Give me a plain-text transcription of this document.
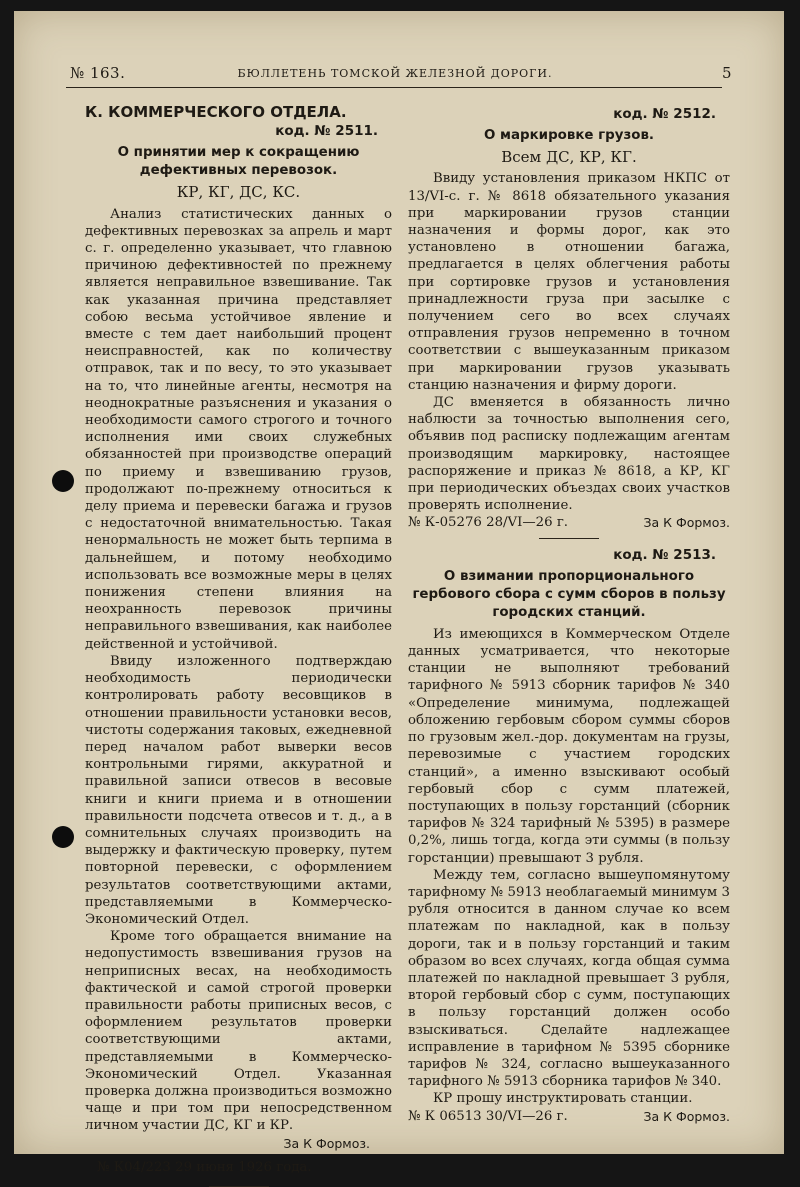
№ 163.	БЮЛЛЕТЕНЬ ТОМСКОЙ ЖЕЛЕЗНОЙ ДОРОГИ.	5

К. КОММЕРЧЕСКОГО ОТДЕЛА.

код. № 2511.
О принятии мер к сокращению дефективных перевозок.
КР, КГ, ДС, КС.

Анализ статистических данных о дефективных перевозках за апрель и март с. г. определенно указывает, что главною причиною дефективностей по прежнему является неправильное взвешивание. Так как указанная причина представляет собою весьма устойчивое явление и вместе с тем дает наибольший процент неисправностей, как по количеству отправок, так и по весу, то это указывает на то, что линейные агенты, несмотря на неоднократные разъяснения и указания о необходимости самого строгого и точного исполнения ими своих служебных обязанностей при производстве операций по приему и взвешиванию грузов, продолжают по-прежнему относиться к делу приема и перевески багажа и грузов с недостаточной внимательностью. Такая ненормальность не может быть терпима в дальнейшем, и потому необходимо использовать все возможные меры в целях понижения степени влияния на неохранность перевозок причины неправильного взвешивания, как наиболее действенной и устойчивой.

Ввиду изложенного подтверждаю необходимость периодически контролировать работу весовщиков в отношении правильности установки весов, чистоты содержания таковых, ежедневной перед началом работ выверки весов контрольными гирями, аккуратной и правильной записи отвесов в весовые книги и книги приема и в отношении правильности подсчета отвесов и т. д., а в сомнительных случаях производить на выдержку и фактическую проверку, путем повторной перевески, с оформлением результатов соответствующими актами, представляемыми в Коммерческо-Экономический Отдел.

Кроме того обращается внимание на недопустимость взвешивания грузов на неприписных весах, на необходимость фактической и самой строгой проверки правильности работы приписных весов, с оформлением результатов проверки соответствующими актами, представляемыми в Коммерческо-Экономический Отдел. Указанная проверка должна производиться возможно чаще и при том при непосредственном личном участии ДС, КГ и КР.

За К Формоз.

№ К04/223 29 июня 1926 года.

код. № 2512.
О маркировке грузов.
Всем ДС, КР, КГ.

Ввиду установления приказом НКПС от 13/VI-с. г. № 8618 обязательного указания при маркировании грузов станции назначения и формы дорог, как это установлено в отношении багажа, предлагается в целях облегчения работы при сортировке грузов и установления принадлежности груза при засылке с получением сего во всех случаях отправления грузов непременно в точном соответствии с вышеуказанным приказом при маркировании грузов указывать станцию назначения и фирму дороги.

ДС вменяется в обязанность лично наблюсти за точностью выполнения сего, объявив под расписку подлежащим агентам производящим маркировку, настоящее распоряжение и приказ № 8618, а КР, КГ при периодических объездах своих участков проверять исполнение.

№ К-05276 28/VI—26 г.	За К Формоз.

код. № 2513.
О взимании пропорционального гербового сбора с сумм сборов в пользу городских станций.

Из имеющихся в Коммерческом Отделе данных усматривается, что некоторые станции не выполняют требований тарифного № 5913 сборник тарифов № 340 «Определение минимума, подлежащей обложению гербовым сбором суммы сборов по грузовым жел.-дор. документам на грузы, перевозимые с участием городских станций», а именно взыскивают особый гербовый сбор с сумм платежей, поступающих в пользу горстанций (сборник тарифов № 324 тарифный № 5395) в размере 0,2%, лишь тогда, когда эти суммы (в пользу горстанции) превышают 3 рубля.

Между тем, согласно вышеупомянутому тарифному № 5913 необлагаемый минимум 3 рубля относится в данном случае ко всем платежам по накладной, как в пользу дороги, так и в пользу горстанций и таким образом во всех случаях, когда общая сумма платежей по накладной превышает 3 рубля, второй гербовый сбор с сумм, поступающих в пользу горстанций должен особо взыскиваться. Сделайте надлежащее исправление в тарифном № 5395 сборнике тарифов № 324, согласно вышеуказанного тарифного № 5913 сборника тарифов № 340.

КР прошу инструктировать станции.

№ К 06513 30/VI—26 г.	За К Формоз.
